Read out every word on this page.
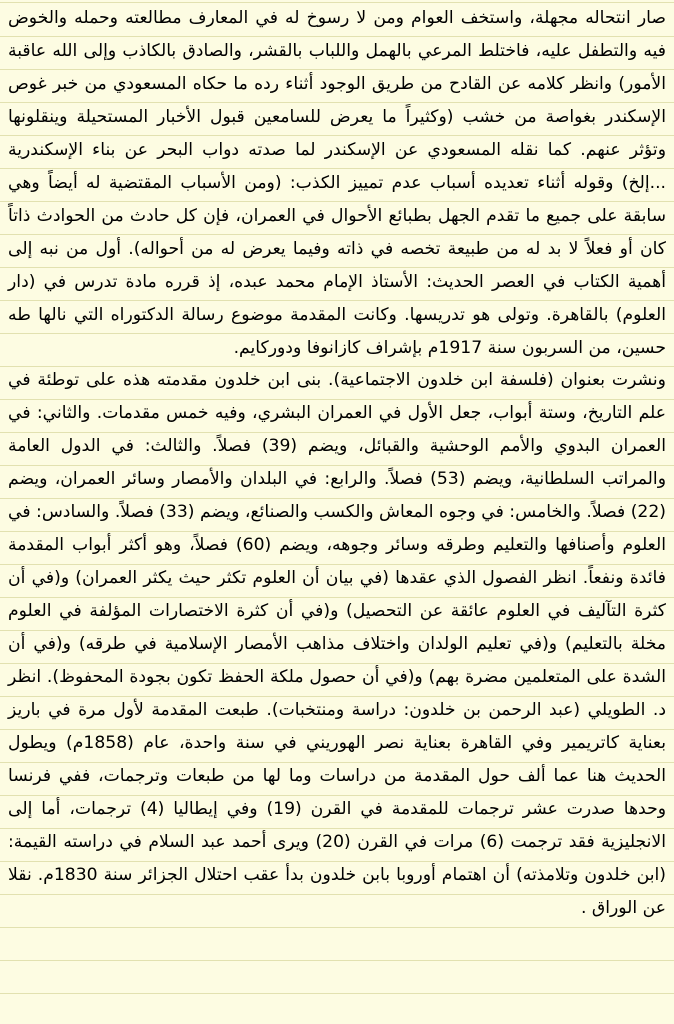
صار انتحاله مجهلة، واستخف العوام ومن لا رسوخ له في المعارف مطالعته وحمله والخوض فيه والتطفل عليه، فاختلط المرعي بالهمل واللباب بالقشر، والصادق بالكاذب وإلى الله عاقبة الأمور) وانظر كلامه عن القادح من طريق الوجود أثناء رده ما حكاه المسعودي من خبر غوص الإسكندر بغواصة من خشب (وكثيراً ما يعرض للسامعين قبول الأخبار المستحيلة وينقلونها وتؤثر عنهم. كما نقله المسعودي عن الإسكندر لما صدته دواب البحر عن بناء الإسكندرية ...إلخ) وقوله أثناء تعديده أسباب عدم تمييز الكذب: (ومن الأسباب المقتضية له أيضاً وهي سابقة على جميع ما تقدم الجهل بطبائع الأحوال في العمران، فإن كل حادث من الحوادث ذاتاً كان أو فعلاً لا بد له من طبيعة تخصه في ذاته وفيما يعرض له من أحواله). أول من نبه إلى أهمية الكتاب في العصر الحديث: الأستاذ الإمام محمد عبده، إذ قرره مادة تدرس في (دار العلوم) بالقاهرة. وتولى هو تدريسها. وكانت المقدمة موضوع رسالة الدكتوراه التي نالها طه حسين، من السربون سنة 1917م بإشراف كازانوفا ودوركايم.

ونشرت بعنوان (فلسفة ابن خلدون الاجتماعية). بنى ابن خلدون مقدمته هذه على توطئة في علم التاريخ، وستة أبواب، جعل الأول في العمران البشري، وفيه خمس مقدمات. والثاني: في العمران البدوي والأمم الوحشية والقبائل، ويضم (39) فصلاً. والثالث: في الدول العامة والمراتب السلطانية، ويضم (53) فصلاً. والرابع: في البلدان والأمصار وسائر العمران، ويضم (22) فصلاً. والخامس: في وجوه المعاش والكسب والصنائع، ويضم (33) فصلاً. والسادس: في العلوم وأصنافها والتعليم وطرقه وسائر وجوهه، ويضم (60) فصلاً، وهو أكثر أبواب المقدمة فائدة ونفعاً. انظر الفصول الذي عقدها (في بيان أن العلوم تكثر حيث يكثر العمران) و(في أن كثرة التآليف في العلوم عائقة عن التحصيل) و(في أن كثرة الاختصارات المؤلفة في العلوم مخلة بالتعليم) و(في تعليم الولدان واختلاف مذاهب الأمصار الإسلامية في طرقه) و(في أن الشدة على المتعلمين مضرة بهم) و(في أن حصول ملكة الحفظ تكون بجودة المحفوظ). انظر د. الطويلي (عبد الرحمن بن خلدون: دراسة ومنتخبات). طبعت المقدمة لأول مرة في باريز بعناية كاتريمير وفي القاهرة بعناية نصر الهوريني في سنة واحدة، عام (1858م) ويطول الحديث هنا عما ألف حول المقدمة من دراسات وما لها من طبعات وترجمات، ففي فرنسا وحدها صدرت عشر ترجمات للمقدمة في القرن (19) وفي إيطاليا (4) ترجمات، أما إلى الانجليزية فقد ترجمت (6) مرات في القرن (20) ويرى أحمد عبد السلام في دراسته القيمة: (ابن خلدون وتلامذته) أن اهتمام أوروبا بابن خلدون بدأ عقب احتلال الجزائر سنة 1830م. نقلا عن الوراق .
